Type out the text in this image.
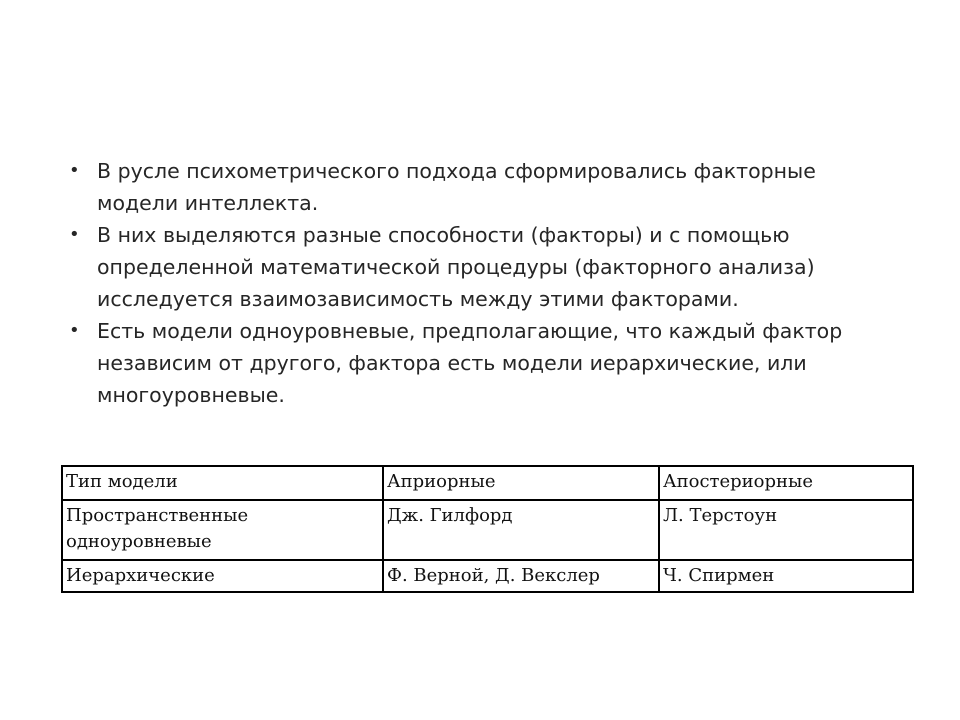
• В русле психометрического подхода сформировались факторные модели интеллекта.
• В них выделяются разные способности (факторы) и с помощью определенной математической процедуры (факторного анализа) исследуется взаимозависимость между этими факторами.
• Есть модели одноуровневые, предполагающие, что каждый фактор независим от другого, фактора есть модели иерархические, или многоуровневые.
Тип модели	Априорные	Апостериорные
Пространственные одноуровневые	Дж. Гилфорд	Л. Терстоун
Иерархические	Ф. Верной, Д. Векслер	Ч. Спирмен
